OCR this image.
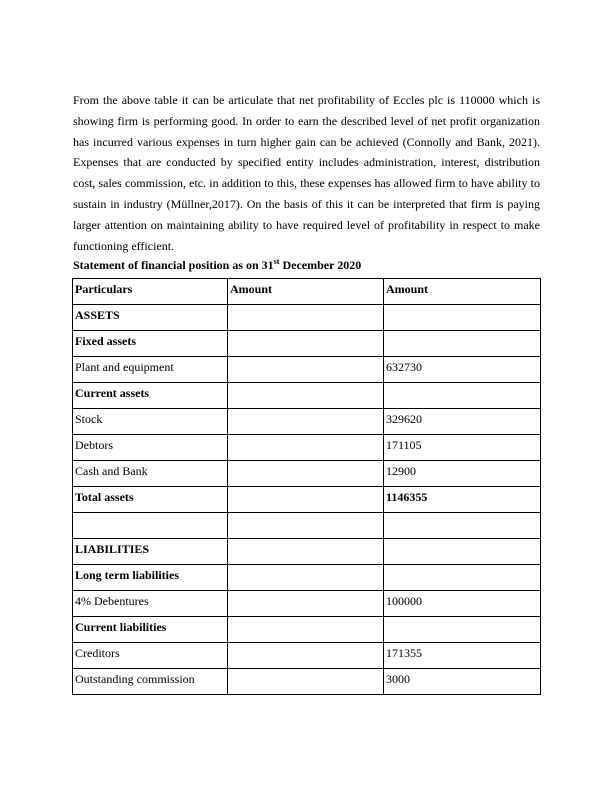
From the above table it can be articulate that net profitability of Eccles plc is 110000 which is showing firm is performing good. In order to earn the described level of net profit organization has incurred various expenses in turn higher gain can be achieved (Connolly and Bank, 2021). Expenses that are conducted by specified entity includes administration, interest, distribution cost, sales commission, etc. in addition to this, these expenses has allowed firm to have ability to sustain in industry (Müllner,2017). On the basis of this it can be interpreted that firm is paying larger attention on maintaining ability to have required level of profitability in respect to make functioning efficient.

Statement of financial position as on 31st December 2020
Particulars	Amount	Amount
ASSETS		
Fixed assets		
Plant and equipment		632730
Current assets		
Stock		329620
Debtors		171105
Cash and Bank		12900
Total assets		1146355

LIABILITIES		
Long term liabilities		
4% Debentures		100000
Current liabilities		
Creditors		171355
Outstanding commission		3000
